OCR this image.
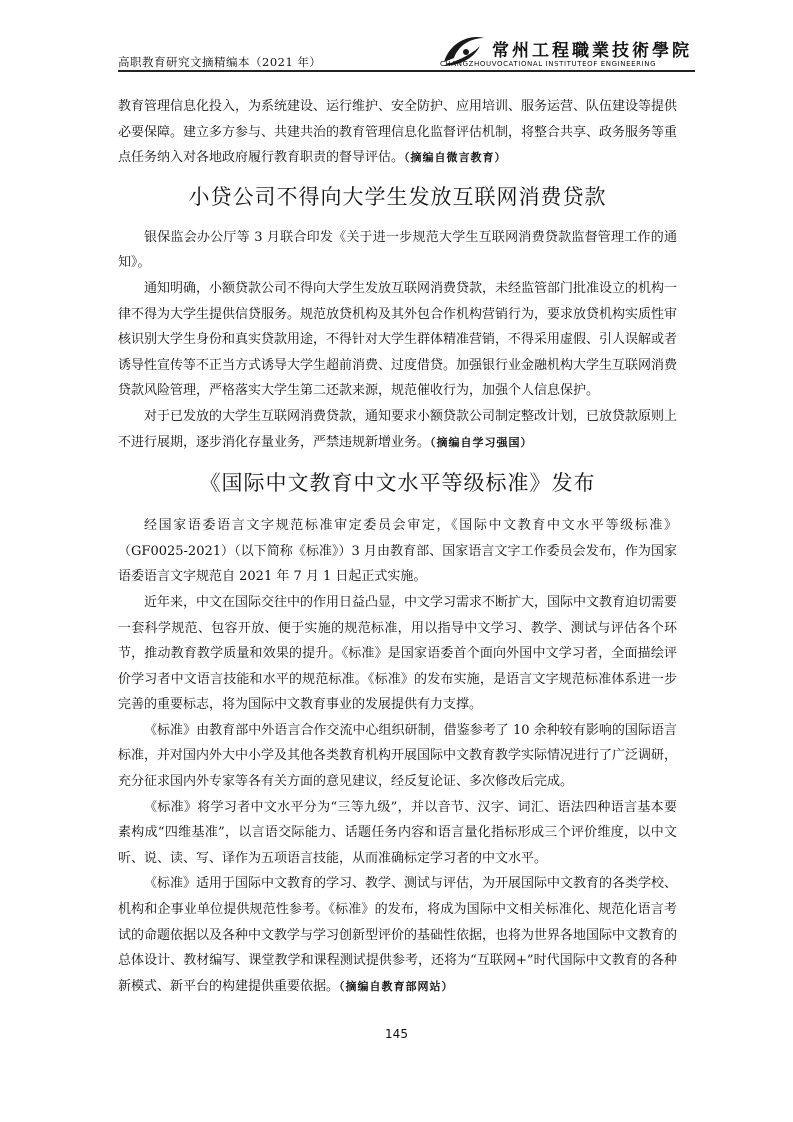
高职教育研究文摘精编本（2021 年）
常州工程職業技術學院
CHANGZHOUVOCATIONAL INSTITUTEOF ENGINEERING

教育管理信息化投入，为系统建设、运行维护、安全防护、应用培训、服务运营、队伍建设等提供必要保障。建立多方参与、共建共治的教育管理信息化监督评估机制，将整合共享、政务服务等重点任务纳入对各地政府履行教育职责的督导评估。（摘编自微言教育）

小贷公司不得向大学生发放互联网消费贷款

银保监会办公厅等 3 月联合印发《关于进一步规范大学生互联网消费贷款监督管理工作的通知》。

通知明确，小额贷款公司不得向大学生发放互联网消费贷款，未经监管部门批准设立的机构一律不得为大学生提供信贷服务。规范放贷机构及其外包合作机构营销行为，要求放贷机构实质性审核识别大学生身份和真实贷款用途，不得针对大学生群体精准营销，不得采用虚假、引人误解或者诱导性宣传等不正当方式诱导大学生超前消费、过度借贷。加强银行业金融机构大学生互联网消费贷款风险管理，严格落实大学生第二还款来源，规范催收行为，加强个人信息保护。

对于已发放的大学生互联网消费贷款，通知要求小额贷款公司制定整改计划，已放贷款原则上不进行展期，逐步消化存量业务，严禁违规新增业务。（摘编自学习强国）

《国际中文教育中文水平等级标准》发布

经国家语委语言文字规范标准审定委员会审定，《国际中文教育中文水平等级标准》（GF0025-2021）（以下简称《标准》）3 月由教育部、国家语言文字工作委员会发布，作为国家语委语言文字规范自 2021 年 7 月 1 日起正式实施。

近年来，中文在国际交往中的作用日益凸显，中文学习需求不断扩大，国际中文教育迫切需要一套科学规范、包容开放、便于实施的规范标准，用以指导中文学习、教学、测试与评估各个环节，推动教育教学质量和效果的提升。《标准》是国家语委首个面向外国中文学习者，全面描绘评价学习者中文语言技能和水平的规范标准。《标准》的发布实施，是语言文字规范标准体系进一步完善的重要标志，将为国际中文教育事业的发展提供有力支撑。

《标准》由教育部中外语言合作交流中心组织研制，借鉴参考了 10 余种较有影响的国际语言标准，并对国内外大中小学及其他各类教育机构开展国际中文教育教学实际情况进行了广泛调研，充分征求国内外专家等各有关方面的意见建议，经反复论证、多次修改后完成。

《标准》将学习者中文水平分为“三等九级”，并以音节、汉字、词汇、语法四种语言基本要素构成“四维基准”，以言语交际能力、话题任务内容和语言量化指标形成三个评价维度，以中文听、说、读、写、译作为五项语言技能，从而准确标定学习者的中文水平。

《标准》适用于国际中文教育的学习、教学、测试与评估，为开展国际中文教育的各类学校、机构和企事业单位提供规范性参考。《标准》的发布，将成为国际中文相关标准化、规范化语言考试的命题依据以及各种中文教学与学习创新型评价的基础性依据，也将为世界各地国际中文教育的总体设计、教材编写、课堂教学和课程测试提供参考，还将为“互联网+”时代国际中文教育的各种新模式、新平台的构建提供重要依据。（摘编自教育部网站）

145
